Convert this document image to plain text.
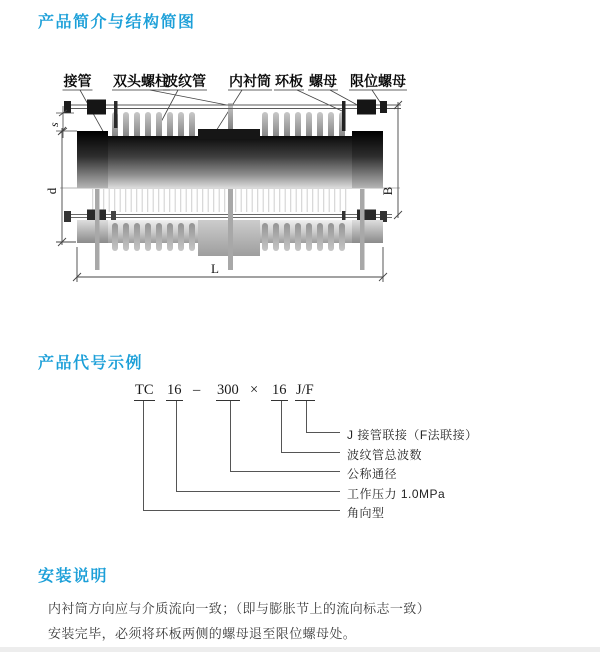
产品简介与结构简图
接管 双头螺柱
波纹管 内衬筒 环板 螺母 限位螺母
s
d	B
L
产品代号示例
TC 16 – 300 × 16 J/F
J 接管联接（F法联接）
波纹管总波数
公称通径
工作压力 1.0MPa
角向型
安装说明
内衬筒方向应与介质流向一致；（即与膨胀节上的流向标志一致）
安装完毕，必须将环板两侧的螺母退至限位螺母处。
